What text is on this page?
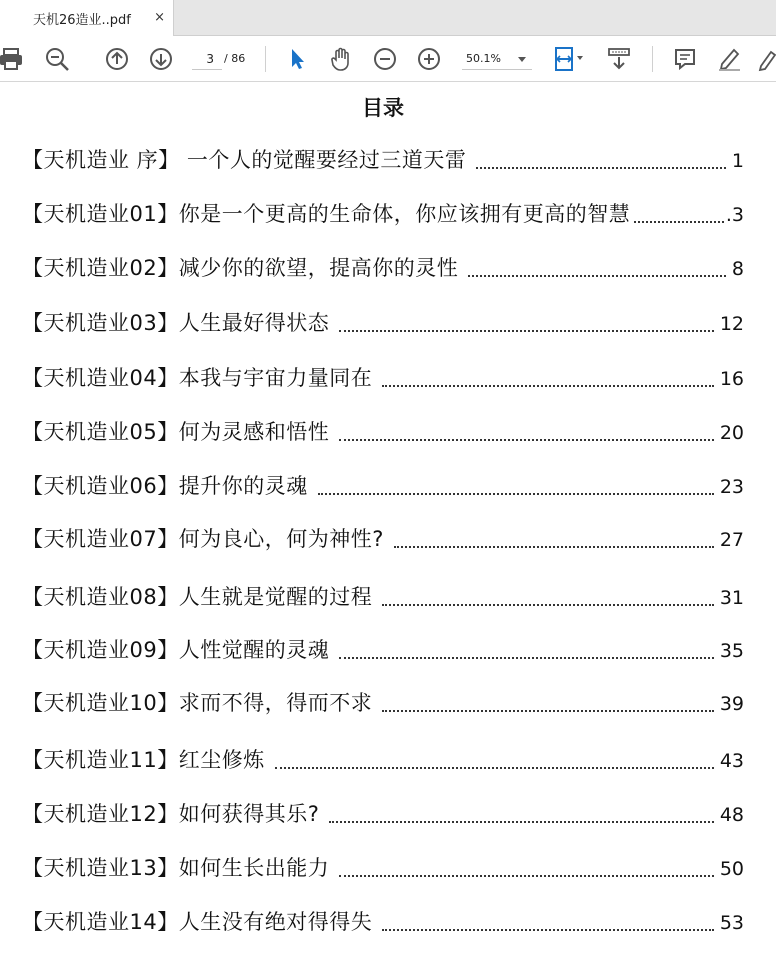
天机26造业..pdf ×
3
/ 86	50.1%
目录
【天机造业 序】 一个人的觉醒要经过三道天雷	1
【天机造业01】你是一个更高的生命体，你应该拥有更高的智慧	.3
【天机造业02】减少你的欲望，提高你的灵性	8
【天机造业03】人生最好得状态	12
【天机造业04】本我与宇宙力量同在	16
【天机造业05】何为灵感和悟性	20
【天机造业06】提升你的灵魂	23
【天机造业07】何为良心，何为神性?	27
【天机造业08】人生就是觉醒的过程	31
【天机造业09】人性觉醒的灵魂	35
【天机造业10】求而不得，得而不求	39
【天机造业11】红尘修炼	43
【天机造业12】如何获得其乐?	48
【天机造业13】如何生长出能力	50
【天机造业14】人生没有绝对得得失	53
